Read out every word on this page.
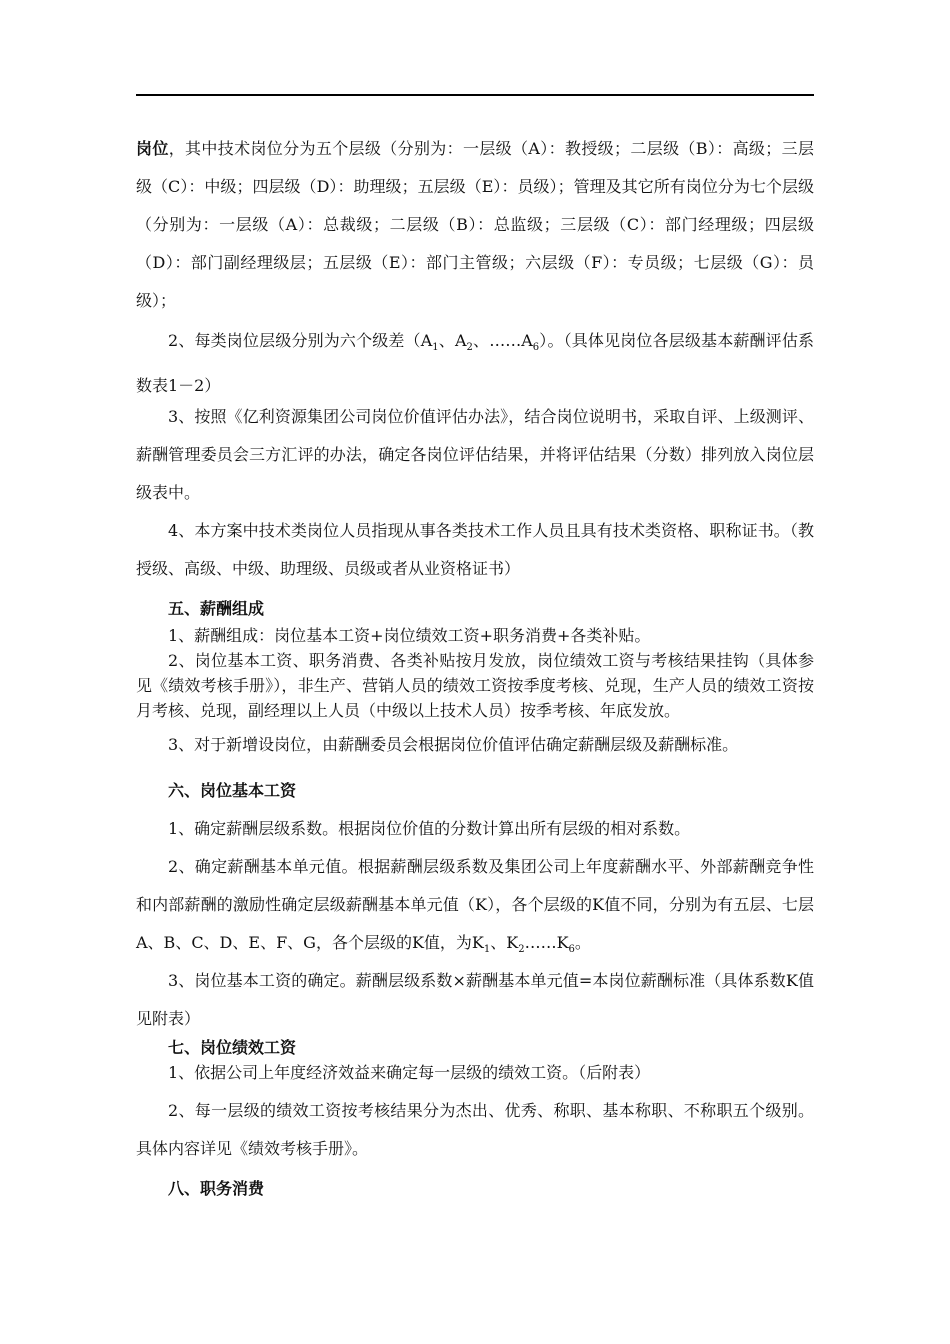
岗位，其中技术岗位分为五个层级（分别为：一层级（A）：教授级；二层级（B）：高级；三层级（C）：中级；四层级（D）：助理级；五层级（E）：员级）；管理及其它所有岗位分为七个层级（分别为：一层级（A）：总裁级；二层级（B）：总监级；三层级（C）：部门经理级；四层级（D）：部门副经理级层；五层级（E）：部门主管级；六层级（F）：专员级；七层级（G）：员级）；

2、每类岗位层级分别为六个级差（$A_1$、$A_2$、$\dots\dots A_6$）。（具体见岗位各层级基本薪酬评估系数表1－2）

3、按照《亿利资源集团公司岗位价值评估办法》，结合岗位说明书，采取自评、上级测评、薪酬管理委员会三方汇评的办法，确定各岗位评估结果，并将评估结果（分数）排列放入岗位层级表中。

4、本方案中技术类岗位人员指现从事各类技术工作人员且具有技术类资格、职称证书。（教授级、高级、中级、助理级、员级或者从业资格证书）

五、薪酬组成

1、薪酬组成：岗位基本工资+岗位绩效工资+职务消费+各类补贴。

2、岗位基本工资、职务消费、各类补贴按月发放，岗位绩效工资与考核结果挂钩（具体参见《绩效考核手册》），非生产、营销人员的绩效工资按季度考核、兑现，生产人员的绩效工资按月考核、兑现，副经理以上人员（中级以上技术人员）按季考核、年底发放。

3、对于新增设岗位，由薪酬委员会根据岗位价值评估确定薪酬层级及薪酬标准。

六、岗位基本工资

1、确定薪酬层级系数。根据岗位价值的分数计算出所有层级的相对系数。

2、确定薪酬基本单元值。根据薪酬层级系数及集团公司上年度薪酬水平、外部薪酬竞争性和内部薪酬的激励性确定层级薪酬基本单元值（K），各个层级的K值不同，分别为有五层、七层A、B、C、D、E、F、G，各个层级的K值，为$K_1$、$K_2\dots\dots K_6$。

3、岗位基本工资的确定。薪酬层级系数×薪酬基本单元值=本岗位薪酬标准（具体系数K值见附表）

七、岗位绩效工资

1、依据公司上年度经济效益来确定每一层级的绩效工资。（后附表）

2、每一层级的绩效工资按考核结果分为杰出、优秀、称职、基本称职、不称职五个级别。具体内容详见《绩效考核手册》。

八、职务消费
